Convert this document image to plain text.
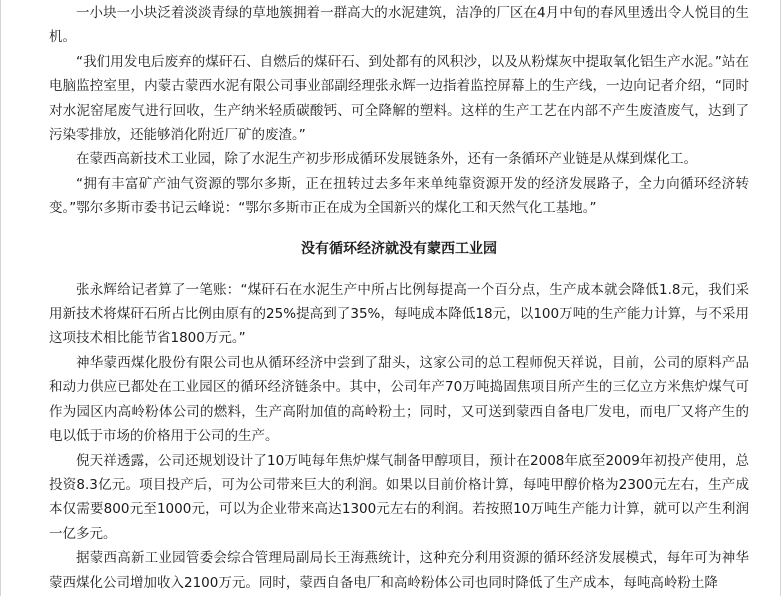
一小块一小块泛着淡淡青绿的草地簇拥着一群高大的水泥建筑，洁净的厂区在4月中旬的春风里透出令人悦目的生机。

“我们用发电后废弃的煤矸石、自燃后的煤矸石、到处都有的风积沙，以及从粉煤灰中提取氧化铝生产水泥。”站在电脑监控室里，内蒙古蒙西水泥有限公司事业部副经理张永辉一边指着监控屏幕上的生产线，一边向记者介绍，“同时对水泥窑尾废气进行回收，生产纳米轻质碳酸钙、可全降解的塑料。这样的生产工艺在内部不产生废渣废气，达到了污染零排放，还能够消化附近厂矿的废渣。”

在蒙西高新技术工业园，除了水泥生产初步形成循环发展链条外，还有一条循环产业链是从煤到煤化工。

“拥有丰富矿产油气资源的鄂尔多斯，正在扭转过去多年来单纯靠资源开发的经济发展路子，全力向循环经济转变。”鄂尔多斯市委书记云峰说：“鄂尔多斯市正在成为全国新兴的煤化工和天然气化工基地。”

没有循环经济就没有蒙西工业园

张永辉给记者算了一笔账：“煤矸石在水泥生产中所占比例每提高一个百分点，生产成本就会降低1.8元，我们采用新技术将煤矸石所占比例由原有的25%提高到了35%，每吨成本降低18元，以100万吨的生产能力计算，与不采用这项技术相比能节省1800万元。”

神华蒙西煤化股份有限公司也从循环经济中尝到了甜头，这家公司的总工程师倪天祥说，目前，公司的原料产品和动力供应已都处在工业园区的循环经济链条中。其中，公司年产70万吨捣固焦项目所产生的三亿立方米焦炉煤气可作为园区内高岭粉体公司的燃料，生产高附加值的高岭粉土；同时，又可送到蒙西自备电厂发电，而电厂又将产生的电以低于市场的价格用于公司的生产。

倪天祥透露，公司还规划设计了10万吨每年焦炉煤气制备甲醇项目，预计在2008年底至2009年初投产使用，总投资8.3亿元。项目投产后，可为公司带来巨大的利润。如果以目前价格计算，每吨甲醇价格为2300元左右，生产成本仅需要800元至1000元，可以为企业带来高达1300元左右的利润。若按照10万吨生产能力计算，就可以产生利润一亿多元。

据蒙西高新工业园管委会综合管理局副局长王海燕统计，这种充分利用资源的循环经济发展模式，每年可为神华蒙西煤化公司增加收入2100万元。同时，蒙西自备电厂和高岭粉体公司也同时降低了生产成本，每吨高岭粉土降
